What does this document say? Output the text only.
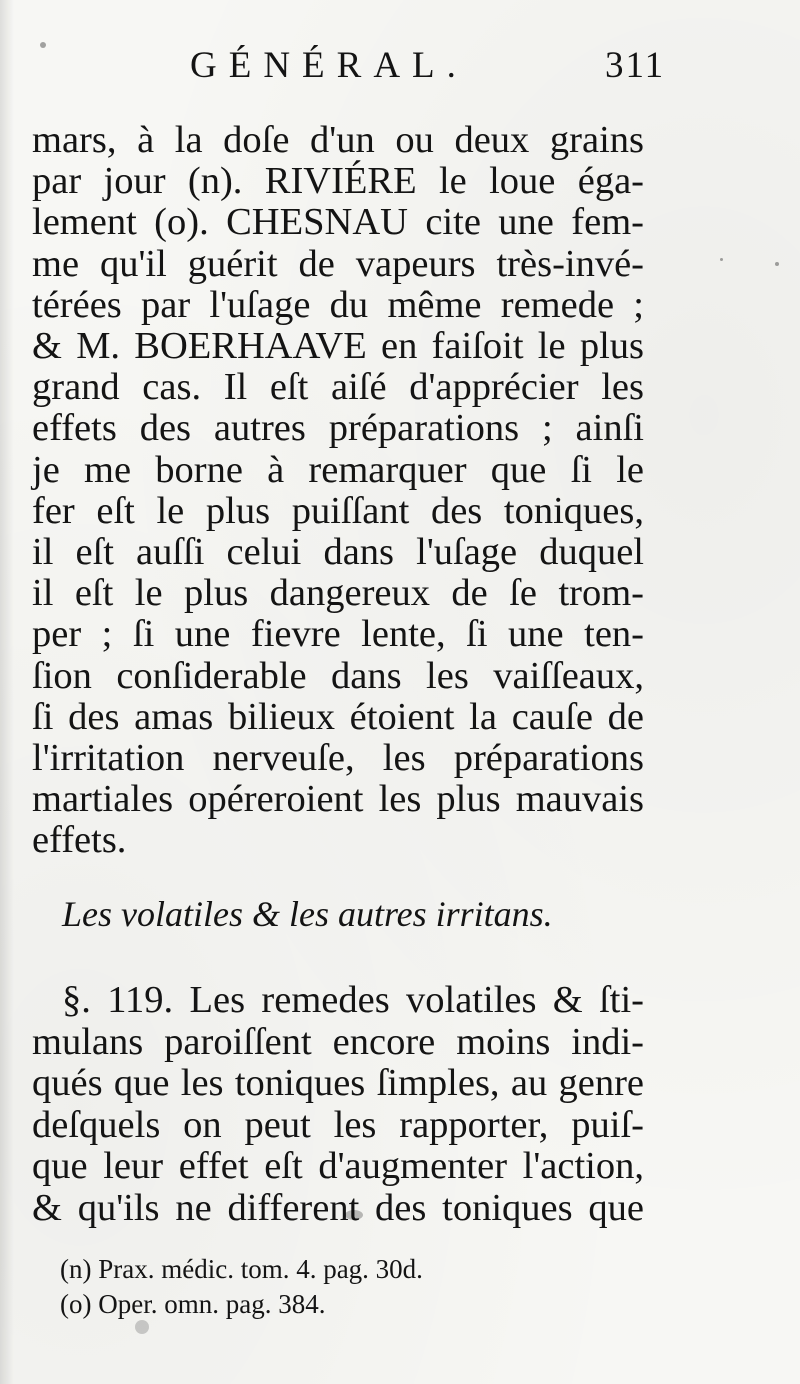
GÉNÉRAL.	311
mars, à la doſe d'un ou deux grains
par jour (n). RIVIÉRE le loue éga-
lement (o). CHESNAU cite une fem-
me qu'il guérit de vapeurs très-invé-
térées par l'uſage du même remede ;
& M. BOERHAAVE en faiſoit le plus
grand cas. Il eſt aiſé d'apprécier les
effets des autres préparations ; ainſi
je me borne à remarquer que ſi le
fer eſt le plus puiſſant des toniques,
il eſt auſſi celui dans l'uſage duquel
il eſt le plus dangereux de ſe trom-
per ; ſi une fievre lente, ſi une ten-
ſion conſiderable dans les vaiſſeaux,
ſi des amas bilieux étoient la cauſe de
l'irritation nerveuſe, les préparations
martiales opéreroient les plus mauvais
effets.
Les volatiles & les autres irritans.
§. 119. Les remedes volatiles & ſti-
mulans paroiſſent encore moins indi-
qués que les toniques ſimples, au genre
deſquels on peut les rapporter, puiſ-
que leur effet eſt d'augmenter l'action,
& qu'ils ne different des toniques que
(n) Prax. médic. tom. 4. pag. 30d.
(o) Oper. omn. pag. 384.
